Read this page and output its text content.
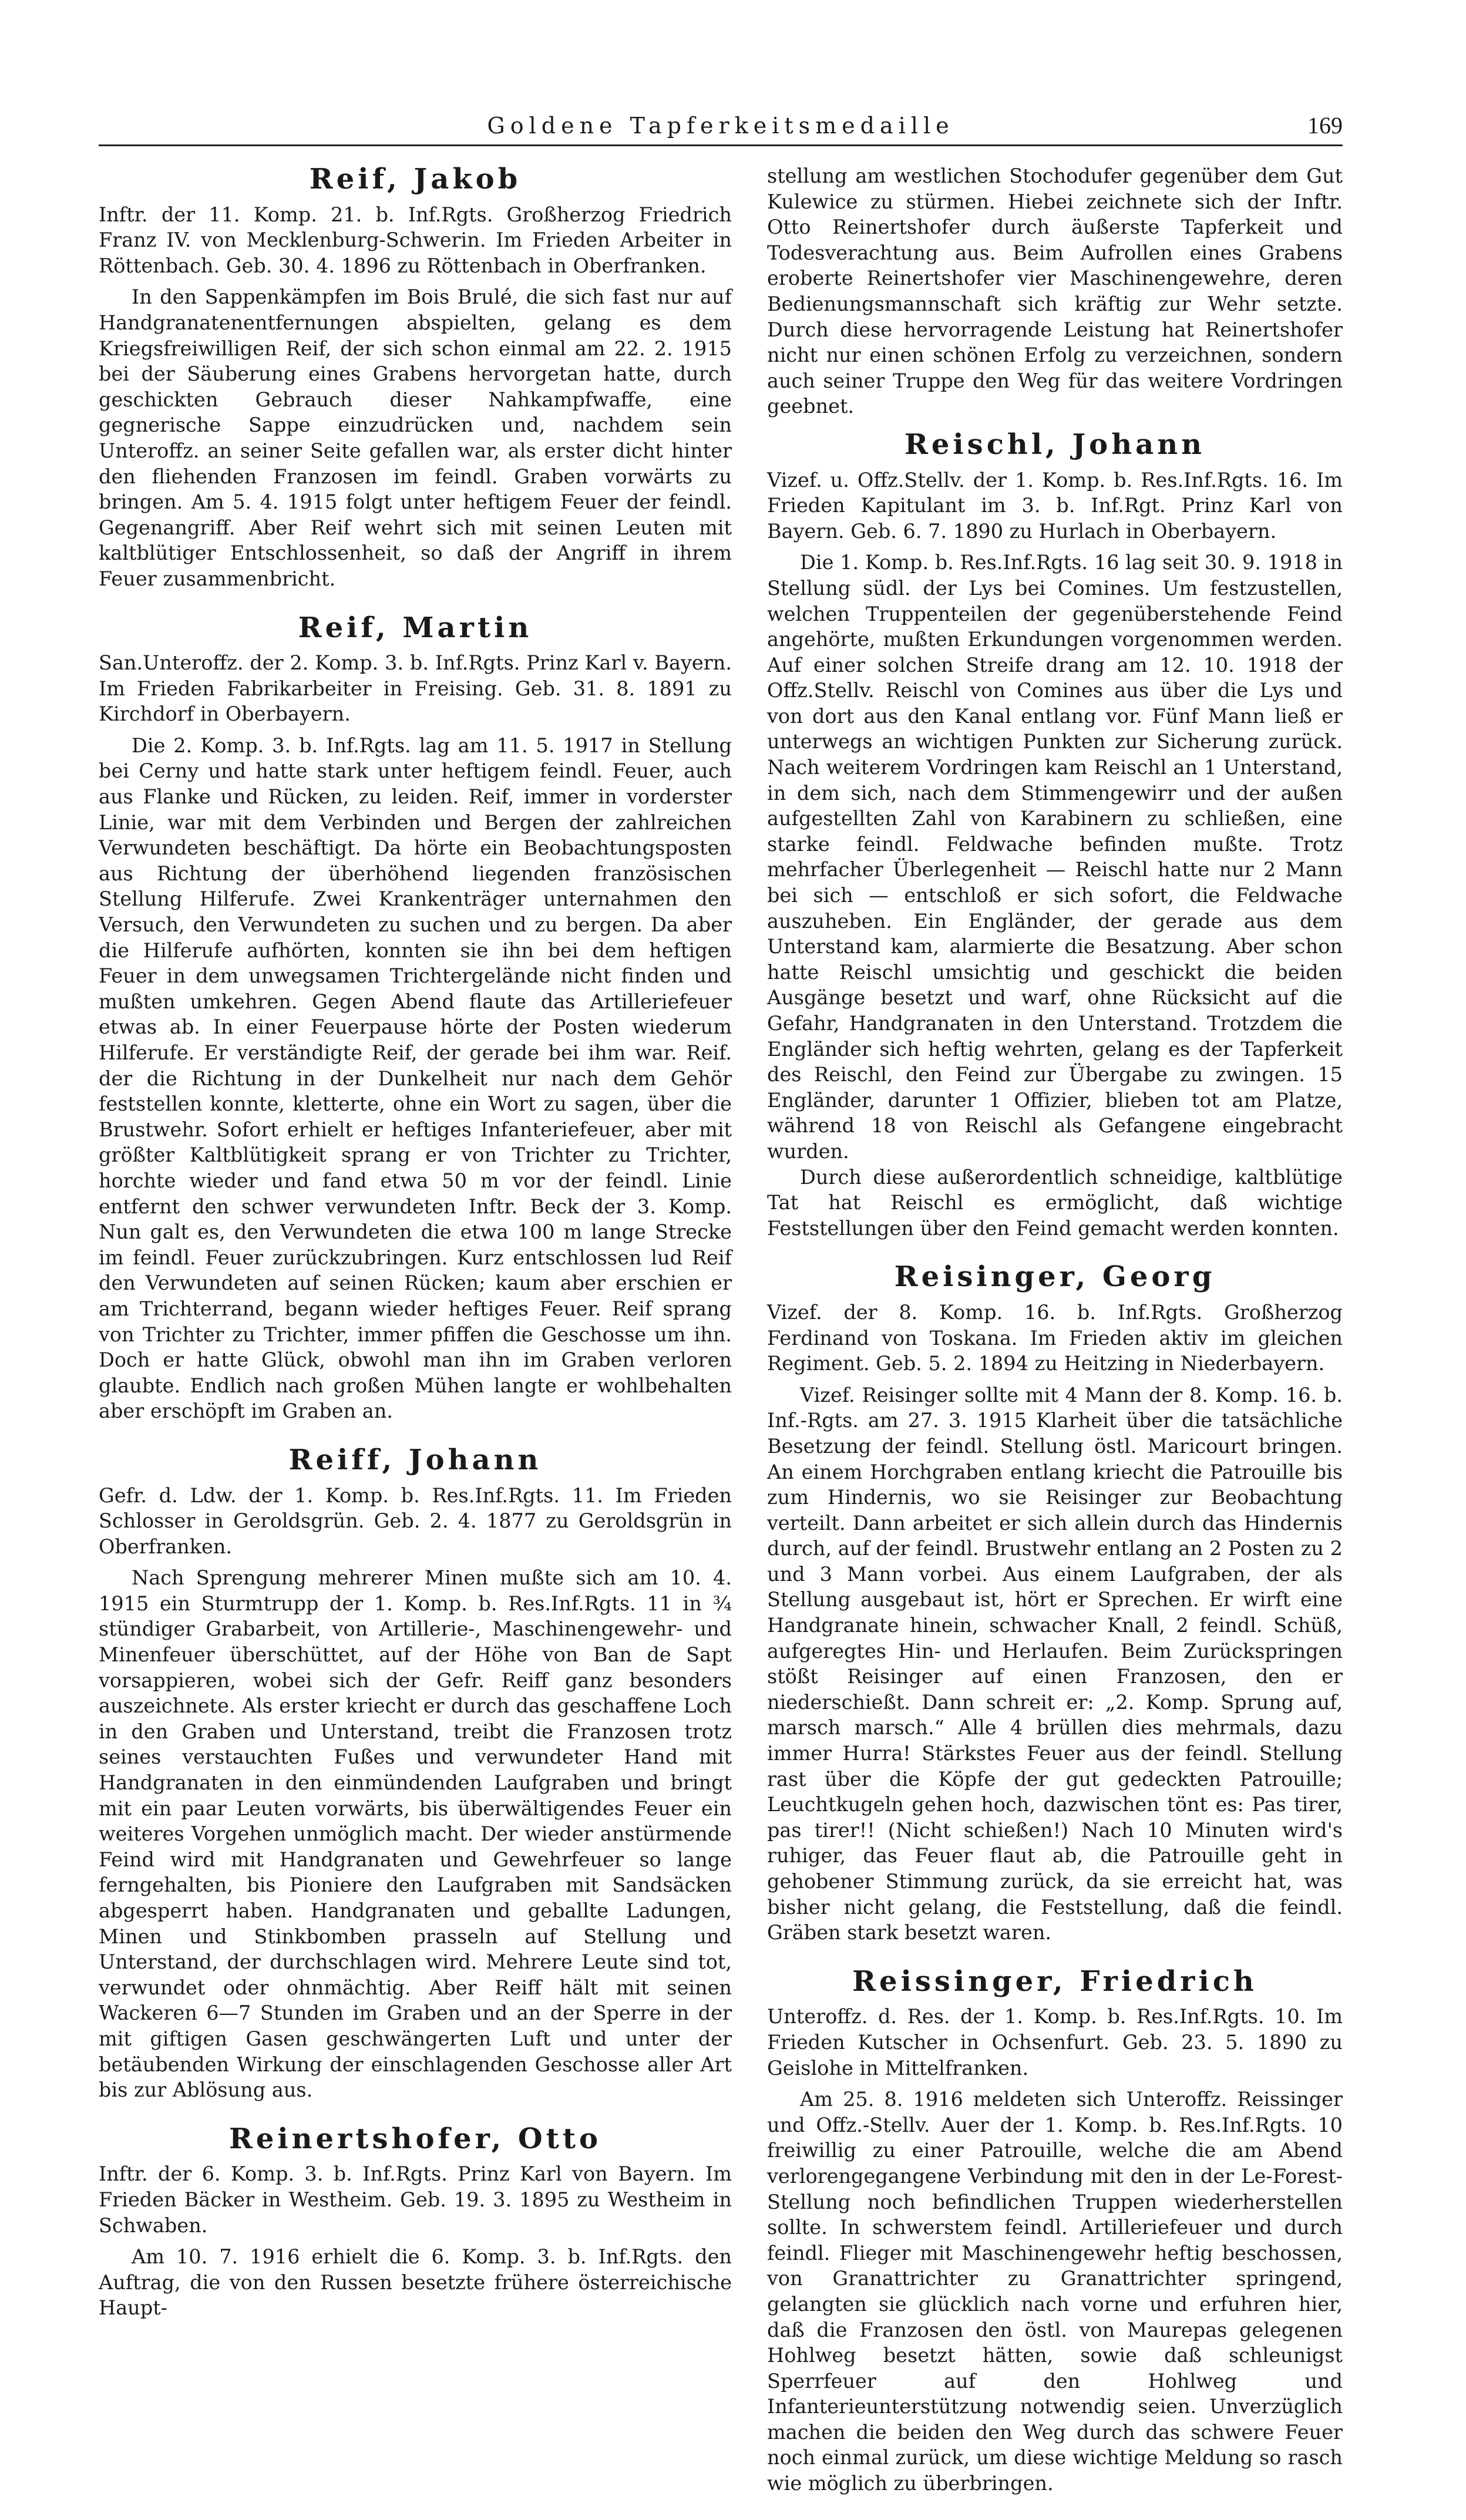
Goldene Tapferkeitsmedaille	169
Reif, Jakob

Inftr. der 11. Komp. 21. b. Inf.Rgts. Großherzog Friedrich Franz IV. von Mecklenburg-Schwerin. Im Frieden Arbeiter in Röttenbach. Geb. 30. 4. 1896 zu Röttenbach in Oberfranken.

In den Sappenkämpfen im Bois Brulé, die sich fast nur auf Handgranatenentfernungen abspielten, gelang es dem Kriegsfreiwilligen Reif, der sich schon einmal am 22. 2. 1915 bei der Säuberung eines Grabens hervorgetan hatte, durch geschickten Gebrauch dieser Nahkampfwaffe, eine gegnerische Sappe einzudrücken und, nachdem sein Unteroffz. an seiner Seite gefallen war, als erster dicht hinter den fliehenden Franzosen im feindl. Graben vorwärts zu bringen. Am 5. 4. 1915 folgt unter heftigem Feuer der feindl. Gegenangriff. Aber Reif wehrt sich mit seinen Leuten mit kaltblütiger Entschlossenheit, so daß der Angriff in ihrem Feuer zusammenbricht.

Reif, Martin

San.Unteroffz. der 2. Komp. 3. b. Inf.Rgts. Prinz Karl v. Bayern. Im Frieden Fabrikarbeiter in Freising. Geb. 31. 8. 1891 zu Kirchdorf in Oberbayern.

Die 2. Komp. 3. b. Inf.Rgts. lag am 11. 5. 1917 in Stellung bei Cerny und hatte stark unter heftigem feindl. Feuer, auch aus Flanke und Rücken, zu leiden. Reif, immer in vorderster Linie, war mit dem Verbinden und Bergen der zahlreichen Verwundeten beschäftigt. Da hörte ein Beobachtungsposten aus Richtung der überhöhend liegenden französischen Stellung Hilferufe. Zwei Krankenträger unternahmen den Versuch, den Verwundeten zu suchen und zu bergen. Da aber die Hilferufe aufhörten, konnten sie ihn bei dem heftigen Feuer in dem unwegsamen Trichtergelände nicht finden und mußten umkehren. Gegen Abend flaute das Artilleriefeuer etwas ab. In einer Feuerpause hörte der Posten wiederum Hilferufe. Er verständigte Reif, der gerade bei ihm war. Reif. der die Richtung in der Dunkelheit nur nach dem Gehör feststellen konnte, kletterte, ohne ein Wort zu sagen, über die Brustwehr. Sofort erhielt er heftiges Infanteriefeuer, aber mit größter Kaltblütigkeit sprang er von Trichter zu Trichter, horchte wieder und fand etwa 50 m vor der feindl. Linie entfernt den schwer verwundeten Inftr. Beck der 3. Komp. Nun galt es, den Verwundeten die etwa 100 m lange Strecke im feindl. Feuer zurückzubringen. Kurz entschlossen lud Reif den Verwundeten auf seinen Rücken; kaum aber erschien er am Trichterrand, begann wieder heftiges Feuer. Reif sprang von Trichter zu Trichter, immer pfiffen die Geschosse um ihn. Doch er hatte Glück, obwohl man ihn im Graben verloren glaubte. Endlich nach großen Mühen langte er wohlbehalten aber erschöpft im Graben an.

Reiff, Johann

Gefr. d. Ldw. der 1. Komp. b. Res.Inf.Rgts. 11. Im Frieden Schlosser in Geroldsgrün. Geb. 2. 4. 1877 zu Geroldsgrün in Oberfranken.

Nach Sprengung mehrerer Minen mußte sich am 10. 4. 1915 ein Sturmtrupp der 1. Komp. b. Res.Inf.Rgts. 11 in ¾ stündiger Grabarbeit, von Artillerie-, Maschinengewehr- und Minenfeuer überschüttet, auf der Höhe von Ban de Sapt vorsappieren, wobei sich der Gefr. Reiff ganz besonders auszeichnete. Als erster kriecht er durch das geschaffene Loch in den Graben und Unterstand, treibt die Franzosen trotz seines verstauchten Fußes und verwundeter Hand mit Handgranaten in den einmündenden Laufgraben und bringt mit ein paar Leuten vorwärts, bis überwältigendes Feuer ein weiteres Vorgehen unmöglich macht. Der wieder anstürmende Feind wird mit Handgranaten und Gewehrfeuer so lange ferngehalten, bis Pioniere den Laufgraben mit Sandsäcken abgesperrt haben. Handgranaten und geballte Ladungen, Minen und Stinkbomben prasseln auf Stellung und Unterstand, der durchschlagen wird. Mehrere Leute sind tot, verwundet oder ohnmächtig. Aber Reiff hält mit seinen Wackeren 6—7 Stunden im Graben und an der Sperre in der mit giftigen Gasen geschwängerten Luft und unter der betäubenden Wirkung der einschlagenden Geschosse aller Art bis zur Ablösung aus.

Reinertshofer, Otto

Inftr. der 6. Komp. 3. b. Inf.Rgts. Prinz Karl von Bayern. Im Frieden Bäcker in Westheim. Geb. 19. 3. 1895 zu Westheim in Schwaben.

Am 10. 7. 1916 erhielt die 6. Komp. 3. b. Inf.Rgts. den Auftrag, die von den Russen besetzte frühere österreichische Haupt-

stellung am westlichen Stochodufer gegenüber dem Gut Kulewice zu stürmen. Hiebei zeichnete sich der Inftr. Otto Reinertshofer durch äußerste Tapferkeit und Todesverachtung aus. Beim Aufrollen eines Grabens eroberte Reinertshofer vier Maschinengewehre, deren Bedienungsmannschaft sich kräftig zur Wehr setzte. Durch diese hervorragende Leistung hat Reinertshofer nicht nur einen schönen Erfolg zu verzeichnen, sondern auch seiner Truppe den Weg für das weitere Vordringen geebnet.

Reischl, Johann

Vizef. u. Offz.Stellv. der 1. Komp. b. Res.Inf.Rgts. 16. Im Frieden Kapitulant im 3. b. Inf.Rgt. Prinz Karl von Bayern. Geb. 6. 7. 1890 zu Hurlach in Oberbayern.

Die 1. Komp. b. Res.Inf.Rgts. 16 lag seit 30. 9. 1918 in Stellung südl. der Lys bei Comines. Um festzustellen, welchen Truppenteilen der gegenüberstehende Feind angehörte, mußten Erkundungen vorgenommen werden. Auf einer solchen Streife drang am 12. 10. 1918 der Offz.Stellv. Reischl von Comines aus über die Lys und von dort aus den Kanal entlang vor. Fünf Mann ließ er unterwegs an wichtigen Punkten zur Sicherung zurück. Nach weiterem Vordringen kam Reischl an 1 Unterstand, in dem sich, nach dem Stimmengewirr und der außen aufgestellten Zahl von Karabinern zu schließen, eine starke feindl. Feldwache befinden mußte. Trotz mehrfacher Überlegenheit — Reischl hatte nur 2 Mann bei sich — entschloß er sich sofort, die Feldwache auszuheben. Ein Engländer, der gerade aus dem Unterstand kam, alarmierte die Besatzung. Aber schon hatte Reischl umsichtig und geschickt die beiden Ausgänge besetzt und warf, ohne Rücksicht auf die Gefahr, Handgranaten in den Unterstand. Trotzdem die Engländer sich heftig wehrten, gelang es der Tapferkeit des Reischl, den Feind zur Übergabe zu zwingen. 15 Engländer, darunter 1 Offizier, blieben tot am Platze, während 18 von Reischl als Gefangene eingebracht wurden.

Durch diese außerordentlich schneidige, kaltblütige Tat hat Reischl es ermöglicht, daß wichtige Feststellungen über den Feind gemacht werden konnten.

Reisinger, Georg

Vizef. der 8. Komp. 16. b. Inf.Rgts. Großherzog Ferdinand von Toskana. Im Frieden aktiv im gleichen Regiment. Geb. 5. 2. 1894 zu Heitzing in Niederbayern.

Vizef. Reisinger sollte mit 4 Mann der 8. Komp. 16. b. Inf.-Rgts. am 27. 3. 1915 Klarheit über die tatsächliche Besetzung der feindl. Stellung östl. Maricourt bringen. An einem Horchgraben entlang kriecht die Patrouille bis zum Hindernis, wo sie Reisinger zur Beobachtung verteilt. Dann arbeitet er sich allein durch das Hindernis durch, auf der feindl. Brustwehr entlang an 2 Posten zu 2 und 3 Mann vorbei. Aus einem Laufgraben, der als Stellung ausgebaut ist, hört er Sprechen. Er wirft eine Handgranate hinein, schwacher Knall, 2 feindl. Schüß, aufgeregtes Hin- und Herlaufen. Beim Zurückspringen stößt Reisinger auf einen Franzosen, den er niederschießt. Dann schreit er: „2. Komp. Sprung auf, marsch marsch.“ Alle 4 brüllen dies mehrmals, dazu immer Hurra! Stärkstes Feuer aus der feindl. Stellung rast über die Köpfe der gut gedeckten Patrouille; Leuchtkugeln gehen hoch, dazwischen tönt es: Pas tirer, pas tirer!! (Nicht schießen!) Nach 10 Minuten wird's ruhiger, das Feuer flaut ab, die Patrouille geht in gehobener Stimmung zurück, da sie erreicht hat, was bisher nicht gelang, die Feststellung, daß die feindl. Gräben stark besetzt waren.

Reissinger, Friedrich

Unteroffz. d. Res. der 1. Komp. b. Res.Inf.Rgts. 10. Im Frieden Kutscher in Ochsenfurt. Geb. 23. 5. 1890 zu Geislohe in Mittelfranken.

Am 25. 8. 1916 meldeten sich Unteroffz. Reissinger und Offz.-Stellv. Auer der 1. Komp. b. Res.Inf.Rgts. 10 freiwillig zu einer Patrouille, welche die am Abend verlorengegangene Verbindung mit den in der Le-Forest-Stellung noch befindlichen Truppen wiederherstellen sollte. In schwerstem feindl. Artilleriefeuer und durch feindl. Flieger mit Maschinengewehr heftig beschossen, von Granattrichter zu Granattrichter springend, gelangten sie glücklich nach vorne und erfuhren hier, daß die Franzosen den östl. von Maurepas gelegenen Hohlweg besetzt hätten, sowie daß schleunigst Sperrfeuer auf den Hohlweg und Infanterieunterstützung notwendig seien. Unverzüglich machen die beiden den Weg durch das schwere Feuer noch einmal zurück, um diese wichtige Meldung so rasch wie möglich zu überbringen.
